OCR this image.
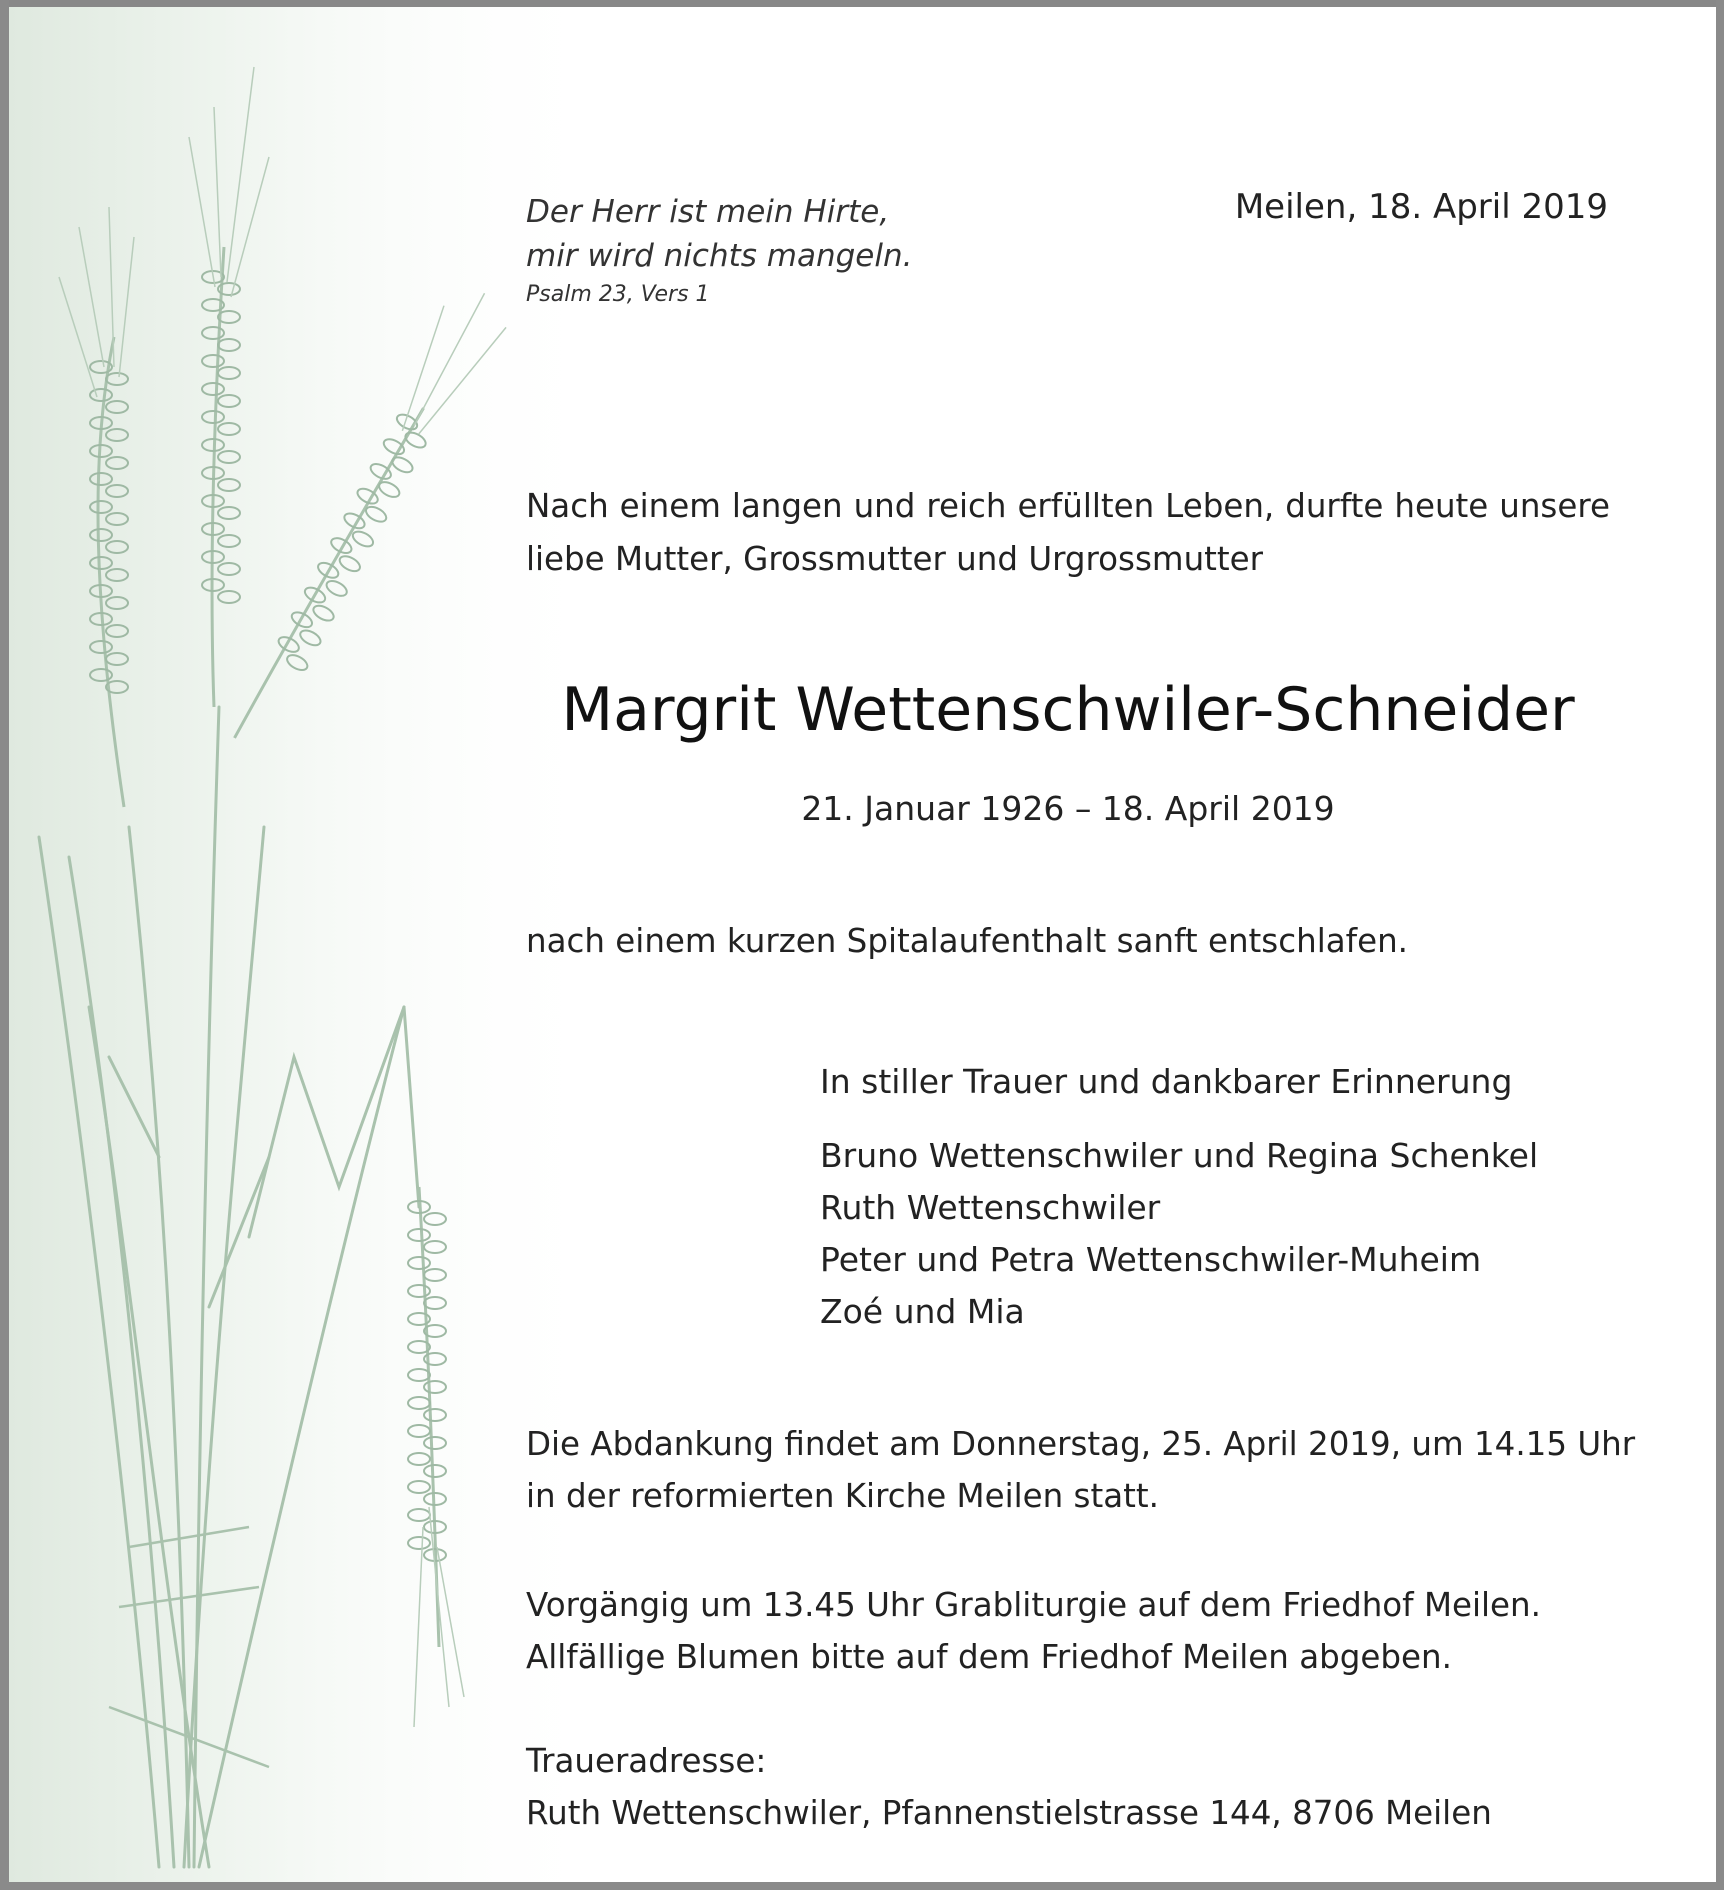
Der Herr ist mein Hirte,
mir wird nichts mangeln.
Psalm 23, Vers 1
Meilen, 18. April 2019
Nach einem langen und reich erfüllten Leben, durfte heute unsere
liebe Mutter, Grossmutter und Urgrossmutter
Margrit Wettenschwiler-Schneider
21. Januar 1926 – 18. April 2019
nach einem kurzen Spitalaufenthalt sanft entschlafen.
In stiller Trauer und dankbarer Erinnerung
Bruno Wettenschwiler und Regina Schenkel
Ruth Wettenschwiler
Peter und Petra Wettenschwiler-Muheim
Zoé und Mia
Die Abdankung findet am Donnerstag, 25. April 2019, um 14.15 Uhr
in der reformierten Kirche Meilen statt.
Vorgängig um 13.45 Uhr Grabliturgie auf dem Friedhof Meilen.
Allfällige Blumen bitte auf dem Friedhof Meilen abgeben.
Traueradresse:
Ruth Wettenschwiler, Pfannenstielstrasse 144, 8706 Meilen
